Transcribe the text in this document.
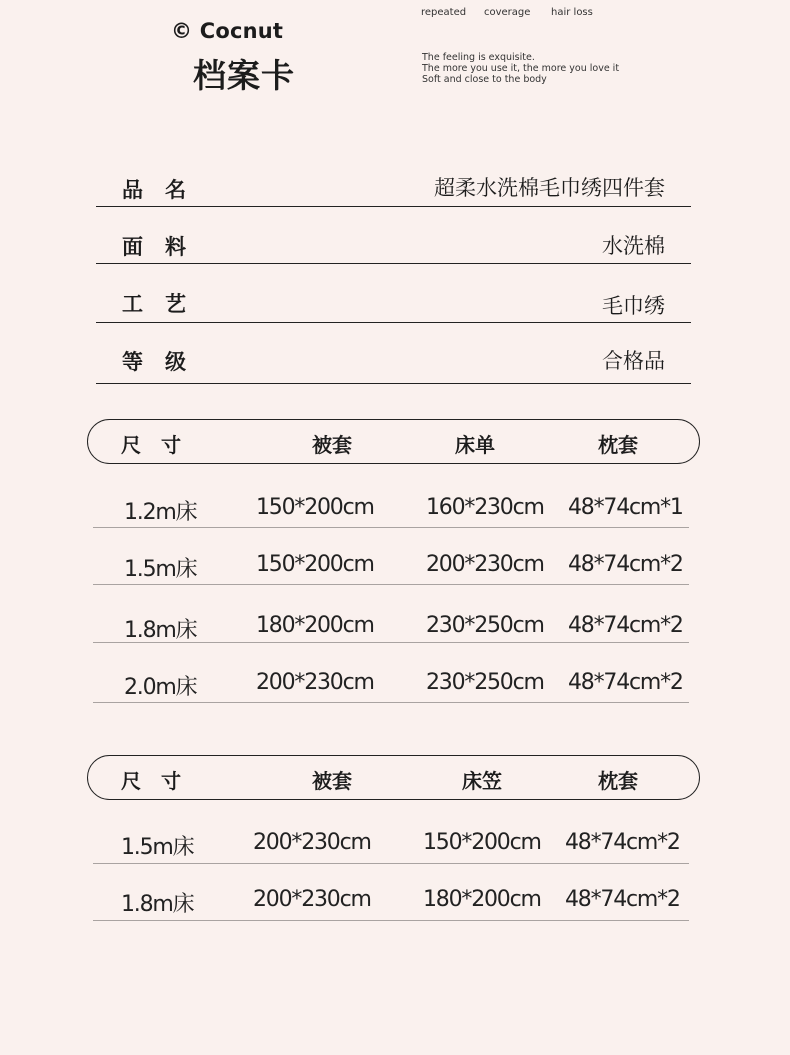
© Cocnut
档案卡
repeated coverage hair loss
The feeling is exquisite.
The more you use it, the more you love it
Soft and close to the body
品名	超柔水洗棉毛巾绣四件套
面料	水洗棉
工艺	毛巾绣
等级	合格品
尺寸	被套	床单	枕套
1.2m床	150*200cm 160*230cm 48*74cm*1
1.5m床	150*200cm 200*230cm 48*74cm*2
1.8m床	180*200cm 230*250cm 48*74cm*2
2.0m床	200*230cm 230*250cm 48*74cm*2
尺寸	被套	床笠	枕套
1.5m床	200*230cm 150*200cm 48*74cm*2
1.8m床	200*230cm 180*200cm 48*74cm*2
